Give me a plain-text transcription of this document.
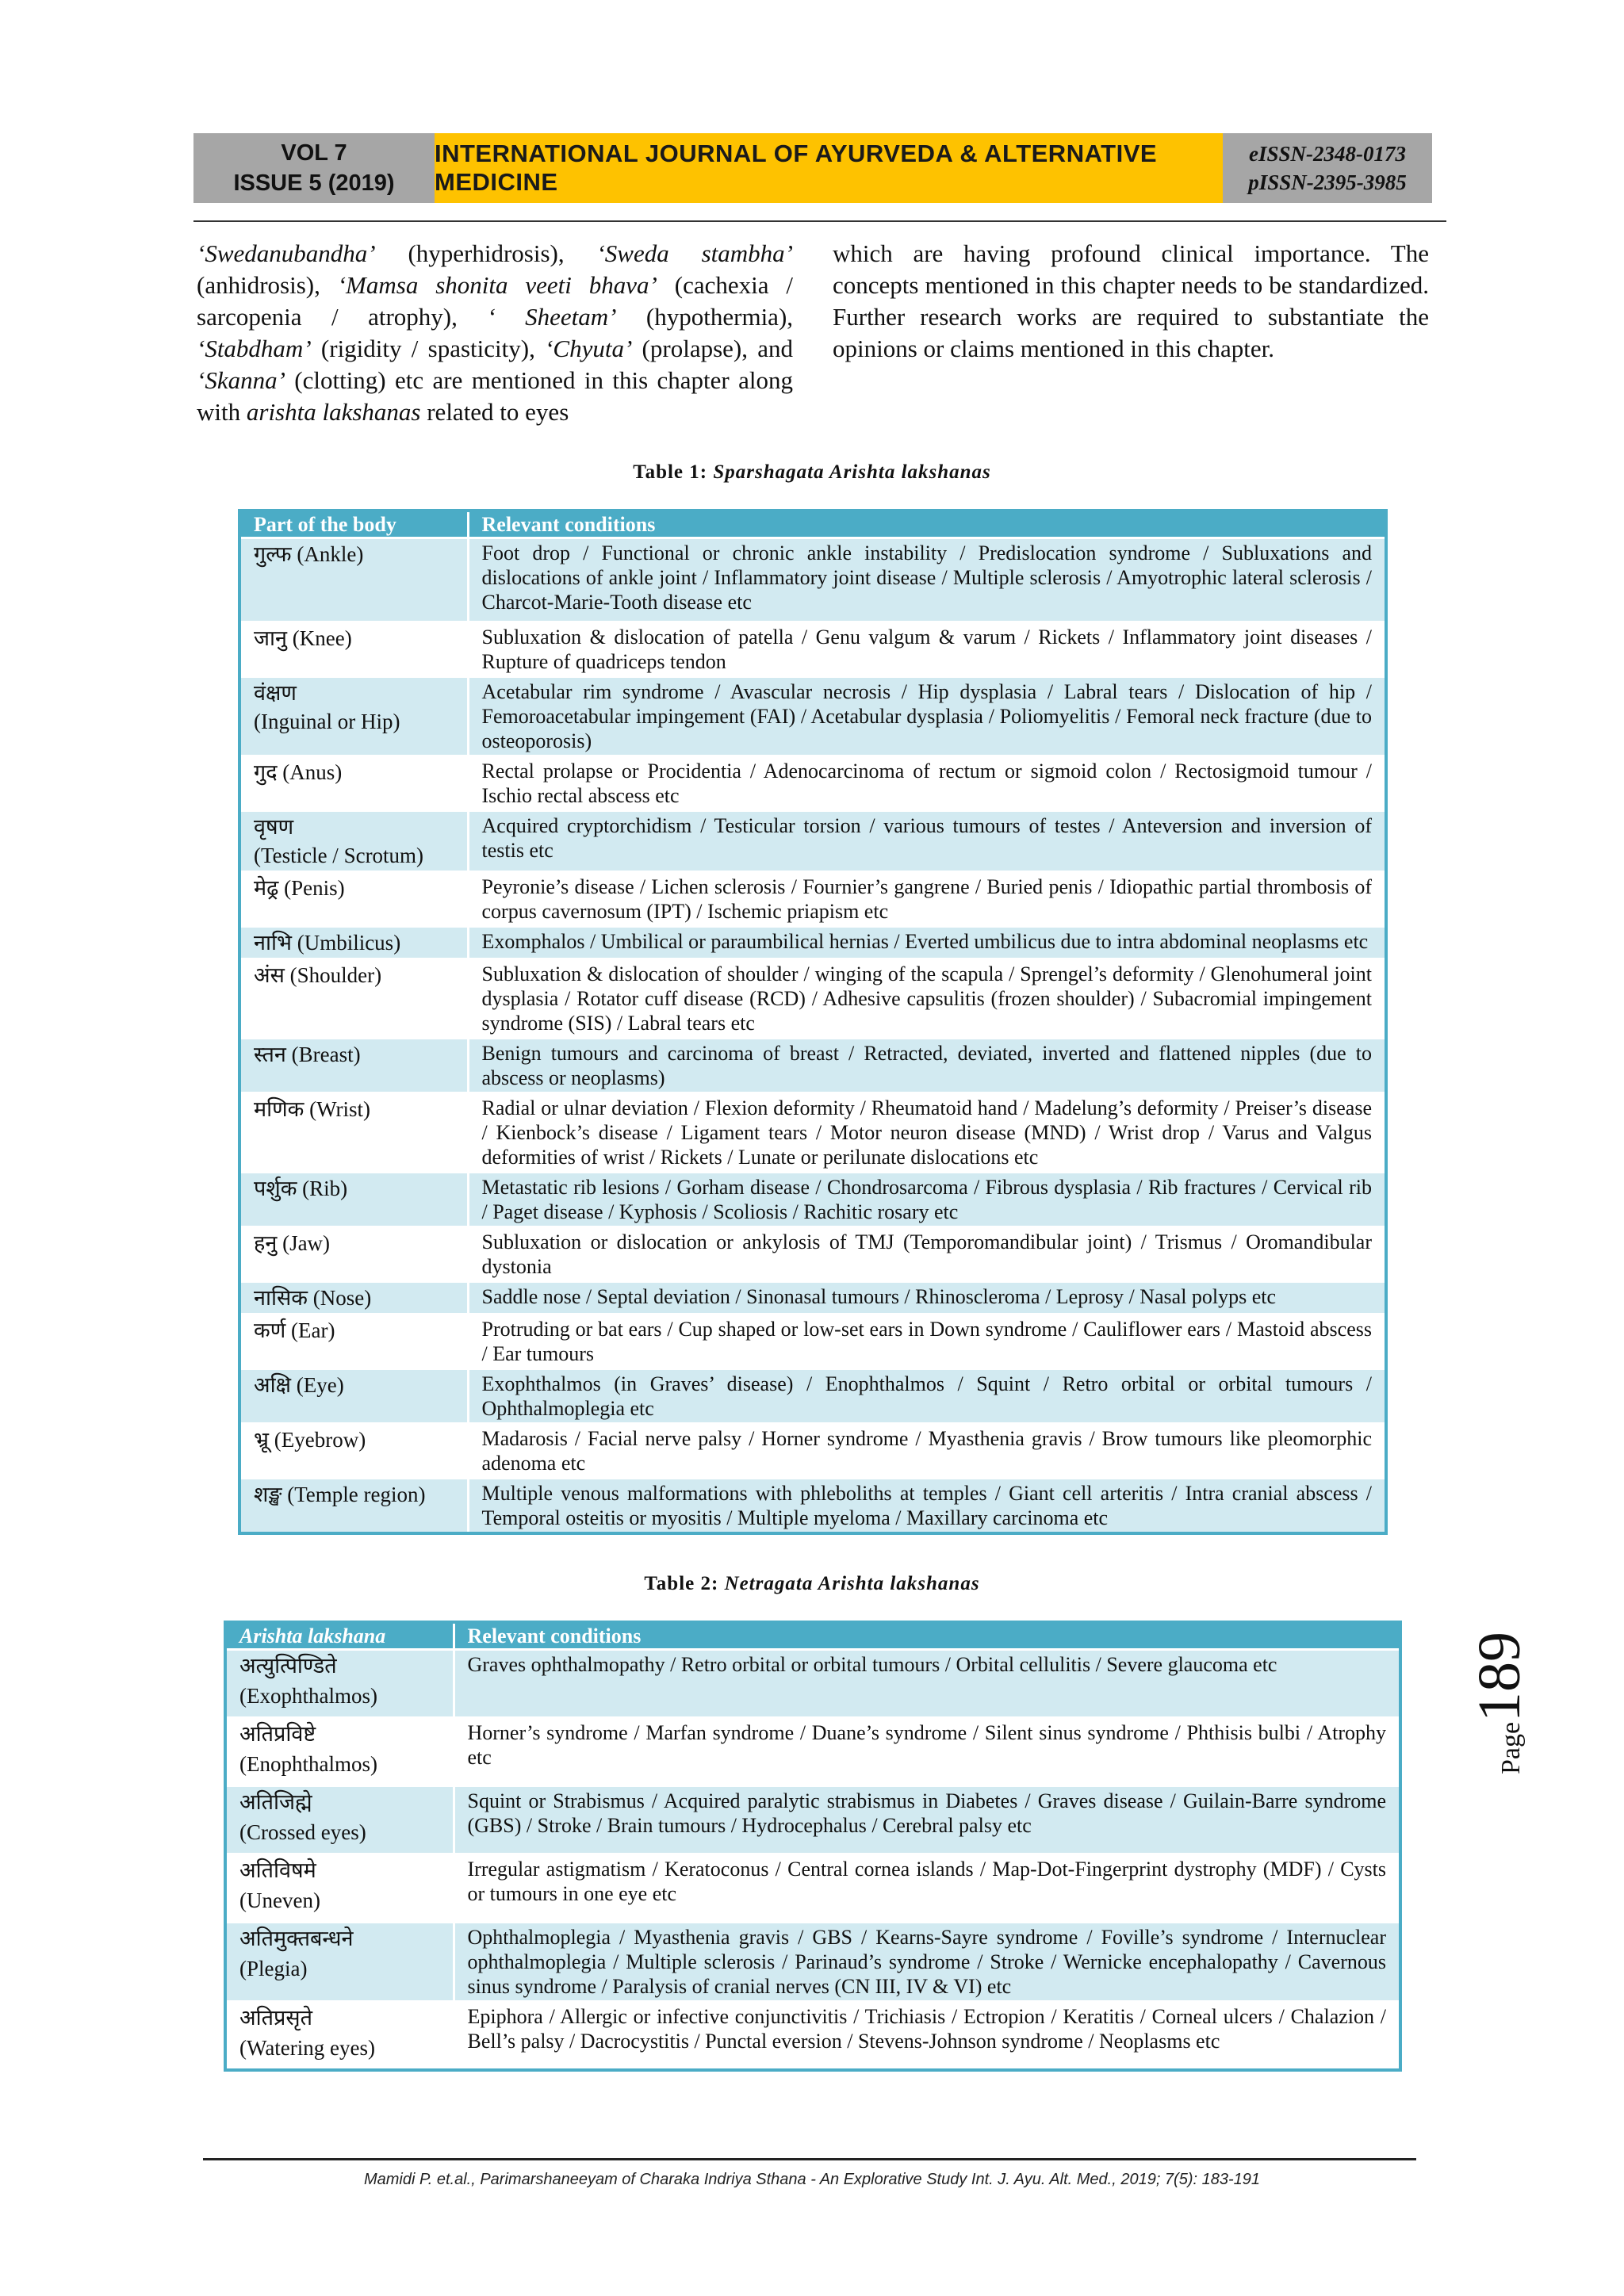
VOL 7
ISSUE 5 (2019)
INTERNATIONAL JOURNAL OF AYURVEDA & ALTERNATIVE MEDICINE
eISSN-2348-0173
pISSN-2395-3985
‘Swedanubandha’ (hyperhidrosis), ‘Sweda stambha’ (anhidrosis), ‘Mamsa shonita veeti bhava’ (cachexia / sarcopenia / atrophy), ‘ Sheetam’ (hypothermia), ‘Stabdham’ (rigidity / spasticity), ‘Chyuta’ (prolapse), and ‘Skanna’ (clotting) etc are mentioned in this chapter along with arishta lakshanas related to eyes
which are having profound clinical importance. The concepts mentioned in this chapter needs to be standardized. Further research works are required to substantiate the opinions or claims mentioned in this chapter.
Table 1: Sparshagata Arishta lakshanas
Part of the body	Relevant conditions

गुल्फ (Ankle)	Foot drop / Functional or chronic ankle instability / Predislocation syndrome / Subluxations and dislocations of ankle joint / Inflammatory joint disease / Multiple sclerosis / Amyotrophic lateral sclerosis / Charcot-Marie-Tooth disease etc

जानु (Knee)	Subluxation & dislocation of patella / Genu valgum & varum / Rickets / Inflammatory joint diseases / Rupture of quadriceps tendon

वंक्षण
(Inguinal or Hip)	Acetabular rim syndrome / Avascular necrosis / Hip dysplasia / Labral tears / Dislocation of hip / Femoroacetabular impingement (FAI) / Acetabular dysplasia / Poliomyelitis / Femoral neck fracture (due to osteoporosis)

गुद (Anus)	Rectal prolapse or Procidentia / Adenocarcinoma of rectum or sigmoid colon / Rectosigmoid tumour / Ischio rectal abscess etc

वृषण
(Testicle / Scrotum)	Acquired cryptorchidism / Testicular torsion / various tumours of testes / Anteversion and inversion of testis etc

मेढ्र (Penis)	Peyronie’s disease / Lichen sclerosis / Fournier’s gangrene / Buried penis / Idiopathic partial thrombosis of corpus cavernosum (IPT) / Ischemic priapism etc

नाभि (Umbilicus)	Exomphalos / Umbilical or paraumbilical hernias / Everted umbilicus due to intra abdominal neoplasms etc

अंस (Shoulder)	Subluxation & dislocation of shoulder / winging of the scapula / Sprengel’s deformity / Glenohumeral joint dysplasia / Rotator cuff disease (RCD) / Adhesive capsulitis (frozen shoulder) / Subacromial impingement syndrome (SIS) / Labral tears etc

स्तन (Breast)	Benign tumours and carcinoma of breast / Retracted, deviated, inverted and flattened nipples (due to abscess or neoplasms)

मणिक (Wrist)	Radial or ulnar deviation / Flexion deformity / Rheumatoid hand / Madelung’s deformity / Preiser’s disease / Kienbock’s disease / Ligament tears / Motor neuron disease (MND) / Wrist drop / Varus and Valgus deformities of wrist / Rickets / Lunate or perilunate dislocations etc

पर्शुक (Rib)	Metastatic rib lesions / Gorham disease / Chondrosarcoma / Fibrous dysplasia / Rib fractures / Cervical rib / Paget disease / Kyphosis / Scoliosis / Rachitic rosary etc

हनु (Jaw)	Subluxation or dislocation or ankylosis of TMJ (Temporomandibular joint) / Trismus / Oromandibular dystonia

नासिक (Nose)	Saddle nose / Septal deviation / Sinonasal tumours / Rhinoscleroma / Leprosy / Nasal polyps etc

कर्ण (Ear)	Protruding or bat ears / Cup shaped or low-set ears in Down syndrome / Cauliflower ears / Mastoid abscess / Ear tumours

अक्षि (Eye)	Exophthalmos (in Graves’ disease) / Enophthalmos / Squint / Retro orbital or orbital tumours / Ophthalmoplegia etc

भ्रू (Eyebrow)	Madarosis / Facial nerve palsy / Horner syndrome / Myasthenia gravis / Brow tumours like pleomorphic adenoma etc

शङ्ख (Temple region)	Multiple venous malformations with phleboliths at temples / Giant cell arteritis / Intra cranial abscess / Temporal osteitis or myositis / Multiple myeloma / Maxillary carcinoma etc
Table 2: Netragata Arishta lakshanas
Arishta lakshana	Relevant conditions

अत्युत्पिण्डिते
(Exophthalmos)	Graves ophthalmopathy / Retro orbital or orbital tumours / Orbital cellulitis / Severe glaucoma etc

अतिप्रविष्टे
(Enophthalmos)	Horner’s syndrome / Marfan syndrome / Duane’s syndrome / Silent sinus syndrome / Phthisis bulbi / Atrophy etc

अतिजिह्मे
(Crossed eyes)	Squint or Strabismus / Acquired paralytic strabismus in Diabetes / Graves disease / Guilain-Barre syndrome (GBS) / Stroke / Brain tumours / Hydrocephalus / Cerebral palsy etc

अतिविषमे
(Uneven)	Irregular astigmatism / Keratoconus / Central cornea islands / Map-Dot-Fingerprint dystrophy (MDF) / Cysts or tumours in one eye etc

अतिमुक्तबन्धने
(Plegia)	Ophthalmoplegia / Myasthenia gravis / GBS / Kearns-Sayre syndrome / Foville’s syndrome / Internuclear ophthalmoplegia / Multiple sclerosis / Parinaud’s syndrome / Stroke / Wernicke encephalopathy / Cavernous sinus syndrome / Paralysis of cranial nerves (CN III, IV & VI) etc

अतिप्रसृते
(Watering eyes)	Epiphora / Allergic or infective conjunctivitis / Trichiasis / Ectropion / Keratitis / Corneal ulcers / Chalazion / Bell’s palsy / Dacrocystitis / Punctal eversion / Stevens-Johnson syndrome / Neoplasms etc
Page
189
Mamidi P. et.al., Parimarshaneeyam of Charaka Indriya Sthana - An Explorative Study Int. J. Ayu. Alt. Med., 2019; 7(5): 183-191
